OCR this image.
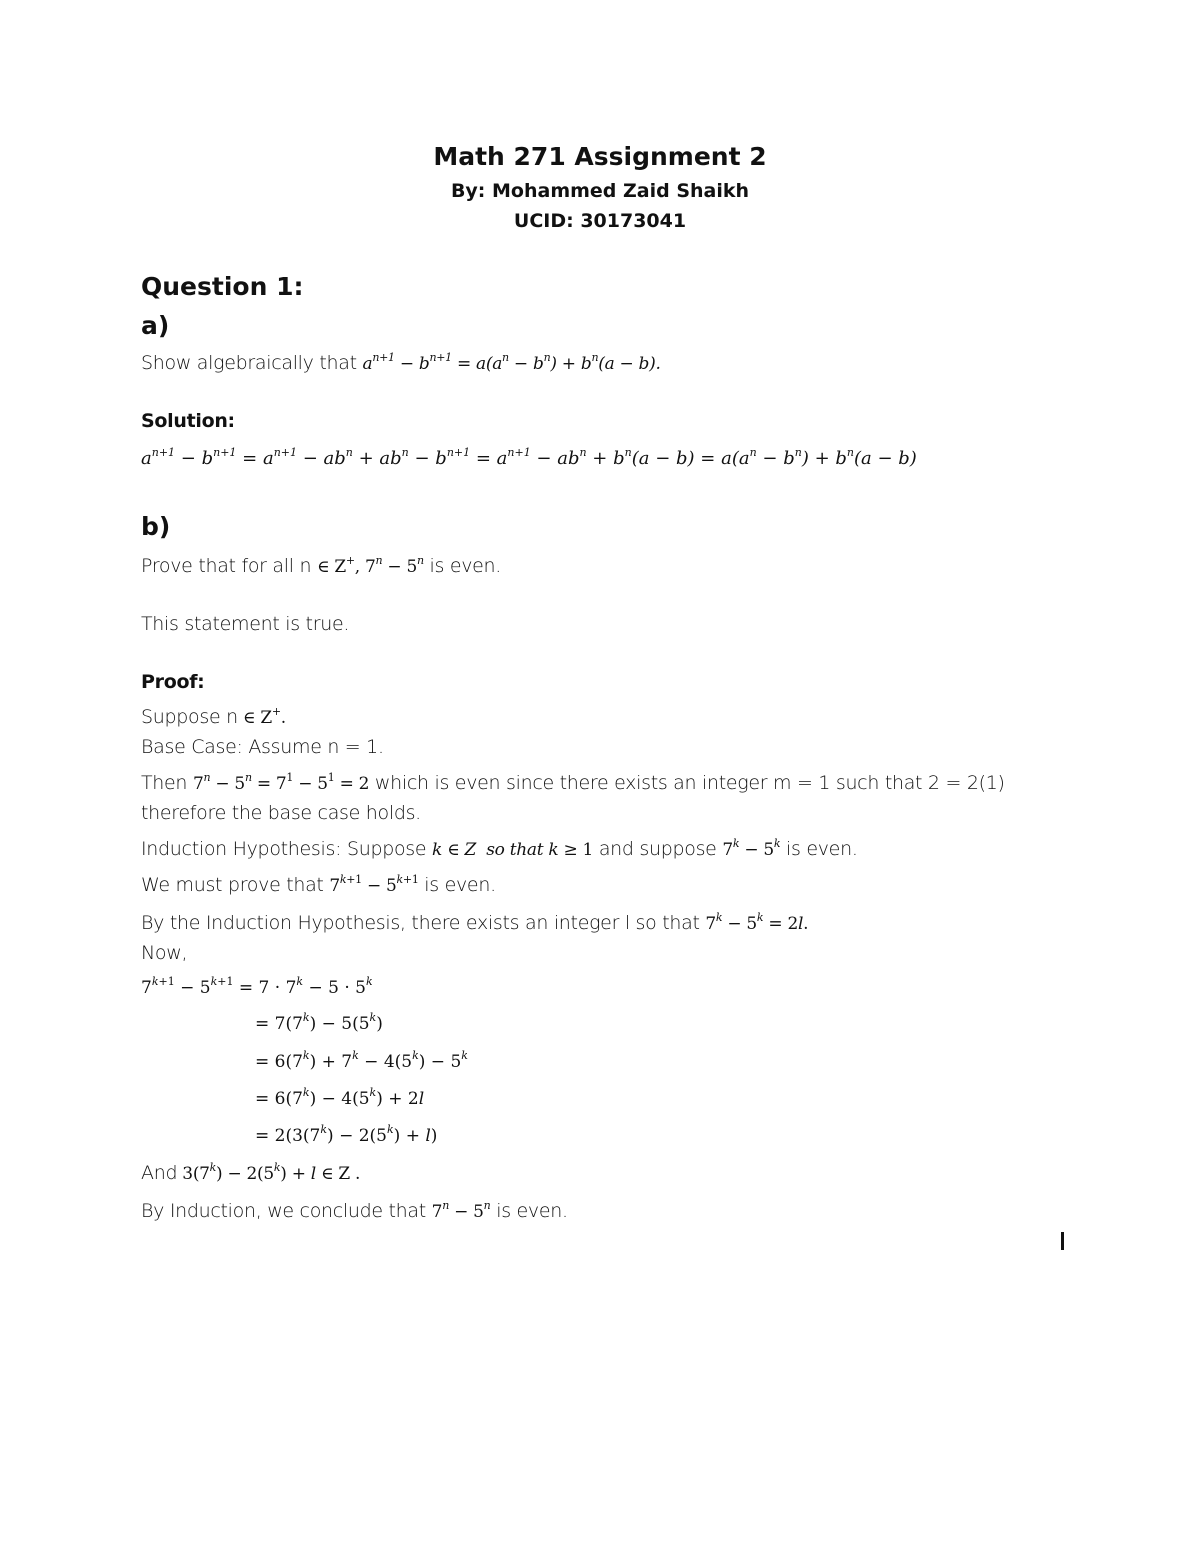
Math 271 Assignment 2
By: Mohammed Zaid Shaikh
UCID: 30173041
Question 1:
a)
Show algebraically that $a^{n+1} - b^{n+1} = a(a^n - b^n) + b^n(a - b)$.
Solution:
$a^{n+1} - b^{n+1} = a^{n+1} - ab^n + ab^n - b^{n+1} = a^{n+1} - ab^n + b^n(a - b) = a(a^n - b^n) + b^n(a - b)$
b)
Prove that for all n ∈ Z+, $7^n - 5^n$ is even.
This statement is true.
Proof:
Suppose n ∈ Z+.
Base Case: Assume n = 1.
Then $7^n - 5^n = 7^1 - 5^1 = 2$ which is even since there exists an integer m = 1 such that 2 = 2(1)
therefore the base case holds.
Induction Hypothesis: Suppose k ∈ Z  so that k ≥ 1 and suppose $7^k - 5^k$ is even.
We must prove that $7^{k+1} - 5^{k+1}$ is even.
By the Induction Hypothesis, there exists an integer l so that $7^k - 5^k = 2l$.
Now,
$7^{k+1} - 5^{k+1} = 7 \cdot 7^k - 5 \cdot 5^k$
= $7(7^k) - 5(5^k)$
= $6(7^k) + 7^k - 4(5^k) - 5^k$
= $6(7^k) - 4(5^k) + 2l$
= $2(3(7^k) - 2(5^k) + l)$
And $3(7^k) - 2(5^k) + l$ ∈ Z .
By Induction, we conclude that $7^n - 5^n$ is even.
